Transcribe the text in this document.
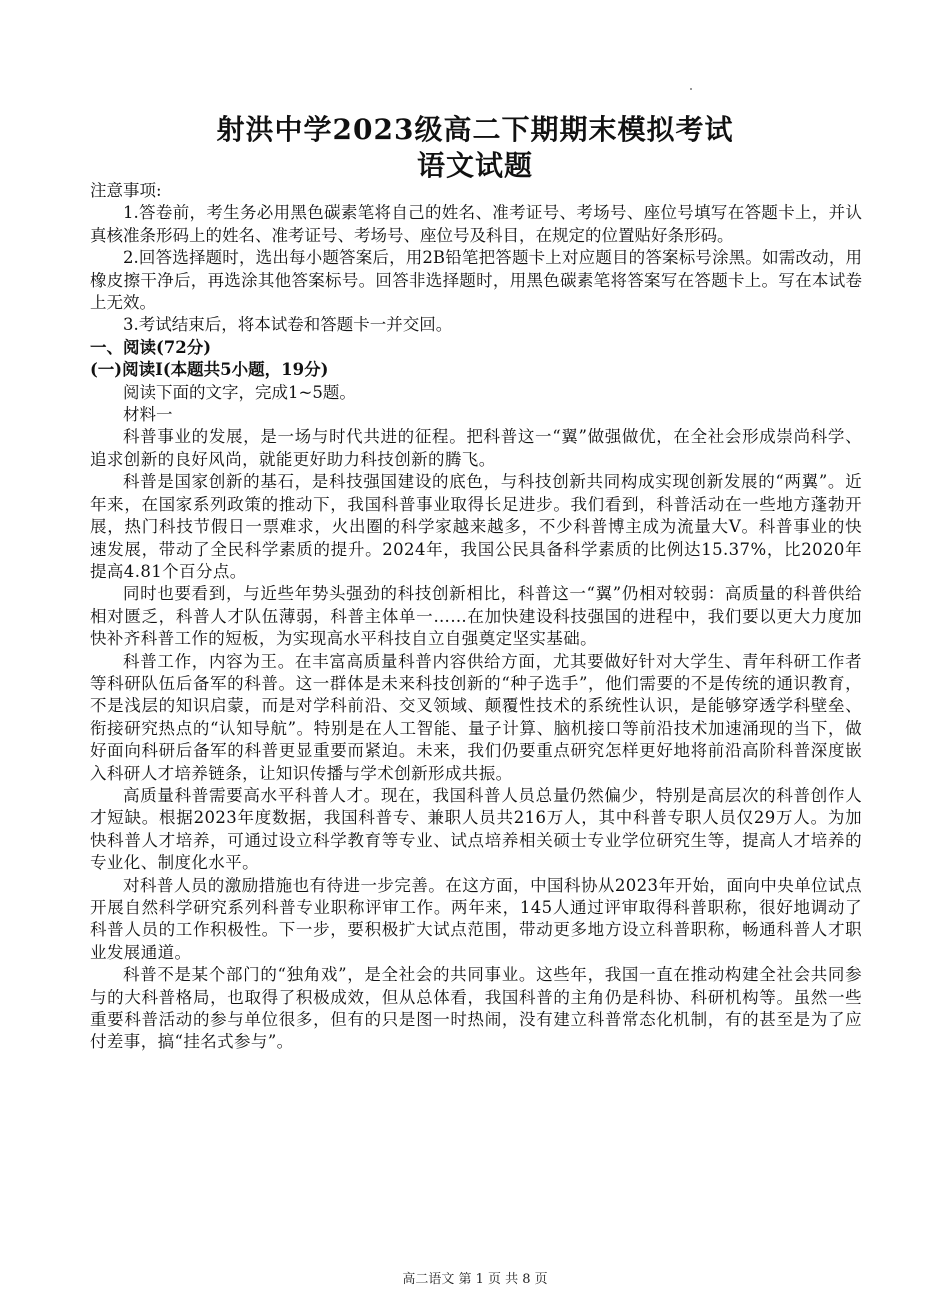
射洪中学2023级高二下期期末模拟考试
语文试题

注意事项:

1.答卷前，考生务必用黑色碳素笔将自己的姓名、准考证号、考场号、座位号填写在答题卡上，并认真核准条形码上的姓名、准考证号、考场号、座位号及科目，在规定的位置贴好条形码。

2.回答选择题时，选出每小题答案后，用2B铅笔把答题卡上对应题目的答案标号涂黑。如需改动，用橡皮擦干净后，再选涂其他答案标号。回答非选择题时，用黑色碳素笔将答案写在答题卡上。写在本试卷上无效。

3.考试结束后，将本试卷和答题卡一并交回。

一、阅读(72分)

(一)阅读Ⅰ(本题共5小题，19分)

阅读下面的文字，完成1~5题。

材料一

科普事业的发展，是一场与时代共进的征程。把科普这一“翼”做强做优，在全社会形成崇尚科学、追求创新的良好风尚，就能更好助力科技创新的腾飞。

科普是国家创新的基石，是科技强国建设的底色，与科技创新共同构成实现创新发展的“两翼”。近年来，在国家系列政策的推动下，我国科普事业取得长足进步。我们看到，科普活动在一些地方蓬勃开展，热门科技节假日一票难求，火出圈的科学家越来越多，不少科普博主成为流量大V。科普事业的快速发展，带动了全民科学素质的提升。2024年，我国公民具备科学素质的比例达15.37%，比2020年提高4.81个百分点。

同时也要看到，与近些年势头强劲的科技创新相比，科普这一“翼”仍相对较弱：高质量的科普供给相对匮乏，科普人才队伍薄弱，科普主体单一……在加快建设科技强国的进程中，我们要以更大力度加快补齐科普工作的短板，为实现高水平科技自立自强奠定坚实基础。

科普工作，内容为王。在丰富高质量科普内容供给方面，尤其要做好针对大学生、青年科研工作者等科研队伍后备军的科普。这一群体是未来科技创新的“种子选手”，他们需要的不是传统的通识教育，不是浅层的知识启蒙，而是对学科前沿、交叉领域、颠覆性技术的系统性认识，是能够穿透学科壁垒、衔接研究热点的“认知导航”。特别是在人工智能、量子计算、脑机接口等前沿技术加速涌现的当下，做好面向科研后备军的科普更显重要而紧迫。未来，我们仍要重点研究怎样更好地将前沿高阶科普深度嵌入科研人才培养链条，让知识传播与学术创新形成共振。

高质量科普需要高水平科普人才。现在，我国科普人员总量仍然偏少，特别是高层次的科普创作人才短缺。根据2023年度数据，我国科普专、兼职人员共216万人，其中科普专职人员仅29万人。为加快科普人才培养，可通过设立科学教育等专业、试点培养相关硕士专业学位研究生等，提高人才培养的专业化、制度化水平。

对科普人员的激励措施也有待进一步完善。在这方面，中国科协从2023年开始，面向中央单位试点开展自然科学研究系列科普专业职称评审工作。两年来，145人通过评审取得科普职称，很好地调动了科普人员的工作积极性。下一步，要积极扩大试点范围，带动更多地方设立科普职称，畅通科普人才职业发展通道。

科普不是某个部门的“独角戏”，是全社会的共同事业。这些年，我国一直在推动构建全社会共同参与的大科普格局，也取得了积极成效，但从总体看，我国科普的主角仍是科协、科研机构等。虽然一些重要科普活动的参与单位很多，但有的只是图一时热闹，没有建立科普常态化机制，有的甚至是为了应付差事，搞“挂名式参与”。

高二语文 第 1 页 共 8 页
